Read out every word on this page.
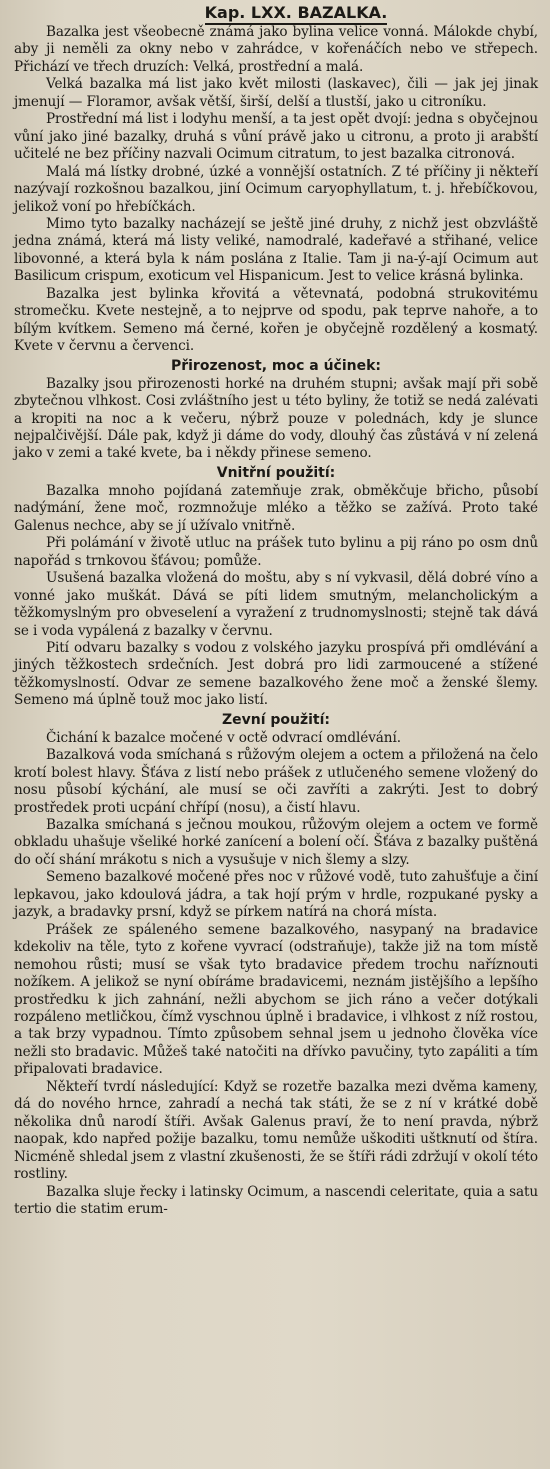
Kap. LXX. BAZALKA.
Bazalka jest všeobecně známá jako bylina velice vonná. Málokde chybí, aby ji neměli za okny nebo v zahrádce, v kořenáčích nebo ve střepech. Přichází ve třech druzích: Velká, prostřední a malá.
Velká bazalka má list jako květ milosti (laskavec), čili — jak jej jinak jmenují — Floramor, avšak větší, širší, delší a tlustší, jako u citroníku.
Prostřední má list i lodyhu menší, a ta jest opět dvojí: jedna s obyčejnou vůní jako jiné bazalky, druhá s vůní právě jako u citronu, a proto ji arabští učitelé ne bez příčiny nazvali Ocimum citratum, to jest bazalka citronová.
Malá má lístky drobné, úzké a vonnější ostatních. Z té příčiny ji někteří nazývají rozkošnou bazalkou, jiní Ocimum caryophyllatum, t. j. hřebíčkovou, jelikož voní po hřebíčkách.
Mimo tyto bazalky nacházejí se ještě jiné druhy, z nichž jest obzvláště jedna známá, která má listy veliké, namodralé, kadeřavé a střihané, velice libovonné, a která byla k nám poslána z Italie. Tam ji na-ý-ají Ocimum aut Basilicum crispum, exoticum vel Hispanicum. Jest to velice krásná bylinka.
Bazalka jest bylinka křovitá a větevnatá, podobná strukovitému stromečku. Kvete nestejně, a to nejprve od spodu, pak teprve nahoře, a to bílým kvítkem. Semeno má černé, kořen je obyčejně rozdělený a kosmatý. Kvete v červnu a červenci.
Přirozenost, moc a účinek:
Bazalky jsou přirozenosti horké na druhém stupni; avšak mají při sobě zbytečnou vlhkost. Cosi zvláštního jest u této byliny, že totiž se nedá zalévati a kropiti na noc a k večeru, nýbrž pouze v polednách, kdy je slunce nejpalčivější. Dále pak, když ji dáme do vody, dlouhý čas zůstává v ní zelená jako v zemi a také kvete, ba i někdy přinese semeno.
Vnitřní použití:
Bazalka mnoho pojídaná zatemňuje zrak, obměkčuje břicho, působí nadýmání, žene moč, rozmnožuje mléko a těžko se zažívá. Proto také Galenus nechce, aby se jí užívalo vnitřně.
Při polámání v životě utluc na prášek tuto bylinu a pij ráno po osm dnů napořád s trnkovou šťávou; pomůže.
Usušená bazalka vložená do moštu, aby s ní vykvasil, dělá dobré víno a vonné jako muškát. Dává se píti lidem smutným, melancholickým a těžkomyslným pro obveselení a vyražení z trudnomyslnosti; stejně tak dává se i voda vypálená z bazalky v červnu.
Pití odvaru bazalky s vodou z volského jazyku prospívá při omdlévání a jiných těžkostech srdečních. Jest dobrá pro lidi zarmoucené a stížené těžkomyslností. Odvar ze semene bazalkového žene moč a ženské šlemy. Semeno má úplně touž moc jako listí.
Zevní použití:
Čichání k bazalce močené v octě odvrací omdlévání.
Bazalková voda smíchaná s růžovým olejem a octem a přiložená na čelo krotí bolest hlavy. Šťáva z listí nebo prášek z utlučeného semene vložený do nosu působí kýchání, ale musí se oči zavříti a zakrýti. Jest to dobrý prostředek proti ucpání chřípí (nosu), a čistí hlavu.
Bazalka smíchaná s ječnou moukou, růžovým olejem a octem ve formě obkladu uhašuje všeliké horké zanícení a bolení očí. Šťáva z bazalky puštěná do očí shání mrákotu s nich a vysušuje v nich šlemy a slzy.
Semeno bazalkové močené přes noc v růžové vodě, tuto zahušťuje a činí lepkavou, jako kdoulová jádra, a tak hojí prým v hrdle, rozpukané pysky a jazyk, a bradavky prsní, když se pírkem natírá na chorá místa.
Prášek ze spáleného semene bazalkového, nasypaný na bradavice kdekoliv na těle, tyto z kořene vyvrací (odstraňuje), takže již na tom místě nemohou růsti; musí se však tyto bradavice předem trochu naříznouti nožíkem. A jelikož se nyní obíráme bradavicemi, neznám jistějšího a lepšího prostředku k jich zahnání, nežli abychom se jich ráno a večer dotýkali rozpáleno metličkou, čímž vyschnou úplně i bradavice, i vlhkost z níž rostou, a tak brzy vypadnou. Tímto způsobem sehnal jsem u jednoho člověka více nežli sto bradavic. Můžeš také natočiti na dřívko pavučiny, tyto zapáliti a tím připalovati bradavice.
Někteří tvrdí následující: Když se rozetře bazalka mezi dvěma kameny, dá do nového hrnce, zahradí a nechá tak státi, že se z ní v krátké době několika dnů narodí štíři. Avšak Galenus praví, že to není pravda, nýbrž naopak, kdo napřed požije bazalku, tomu nemůže uškoditi uštknutí od štíra. Nicméně shledal jsem z vlastní zkušenosti, že se štíři rádi zdržují v okolí této rostliny.
Bazalka sluje řecky i latinsky Ocimum, a nascendi celeritate, quia a satu tertio die statim erum-
